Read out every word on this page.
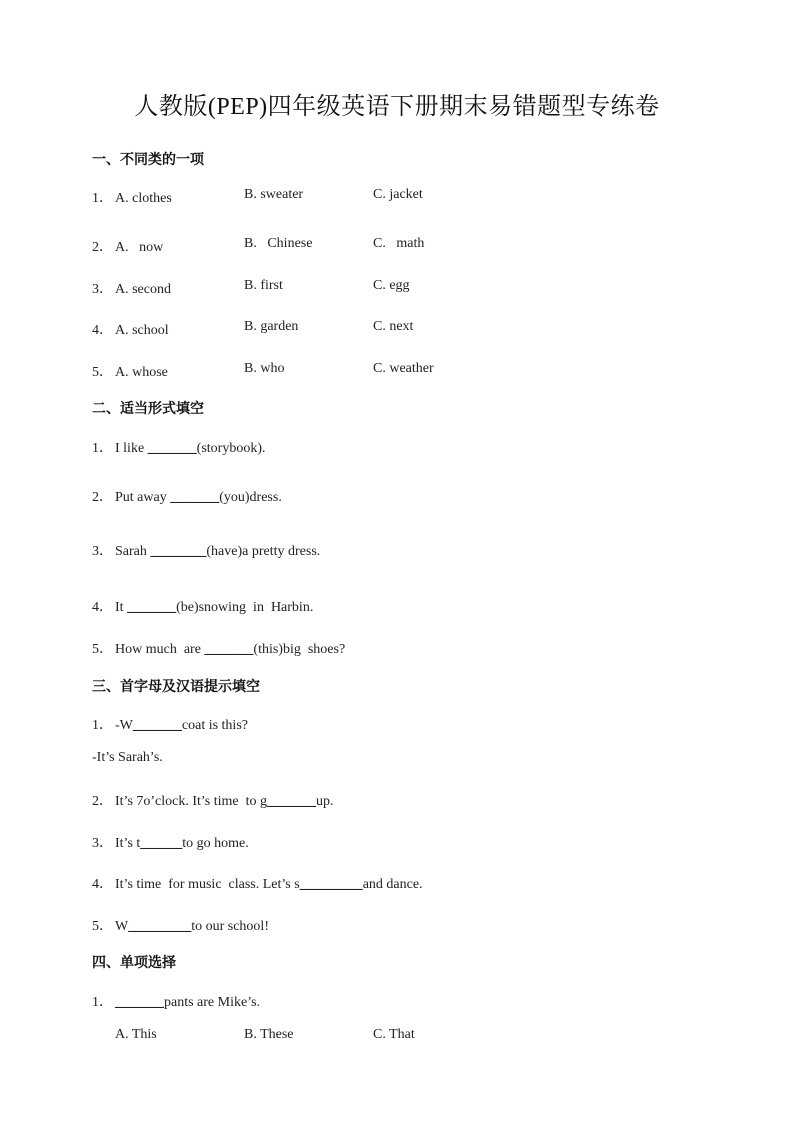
人教版(PEP)四年级英语下册期末易错题型专练卷
一、不同类的一项
1． A. clothes	B. sweater	C. jacket
2． A.   now	B.   Chinese	C.   math
3． A. second	B. first	C. egg
4． A. school	B. garden	C. next
5． A. whose	B. who	C. weather
二、适当形式填空
1． I like _______(storybook).
2． Put away _______(you)dress.
3． Sarah ________(have)a pretty dress.
4． It _______(be)snowing  in  Harbin.
5． How much  are _______(this)big  shoes?
三、首字母及汉语提示填空
1． -W_______coat is this?
-It’s Sarah’s.
2． It’s 7o’clock. It’s time  to g_______up.
3． It’s t______to go home.
4． It’s time  for music  class. Let’s s_________and dance.
5． W_________to our school!
四、单项选择
1． _______pants are Mike’s.
A. This	B. These	C. That
